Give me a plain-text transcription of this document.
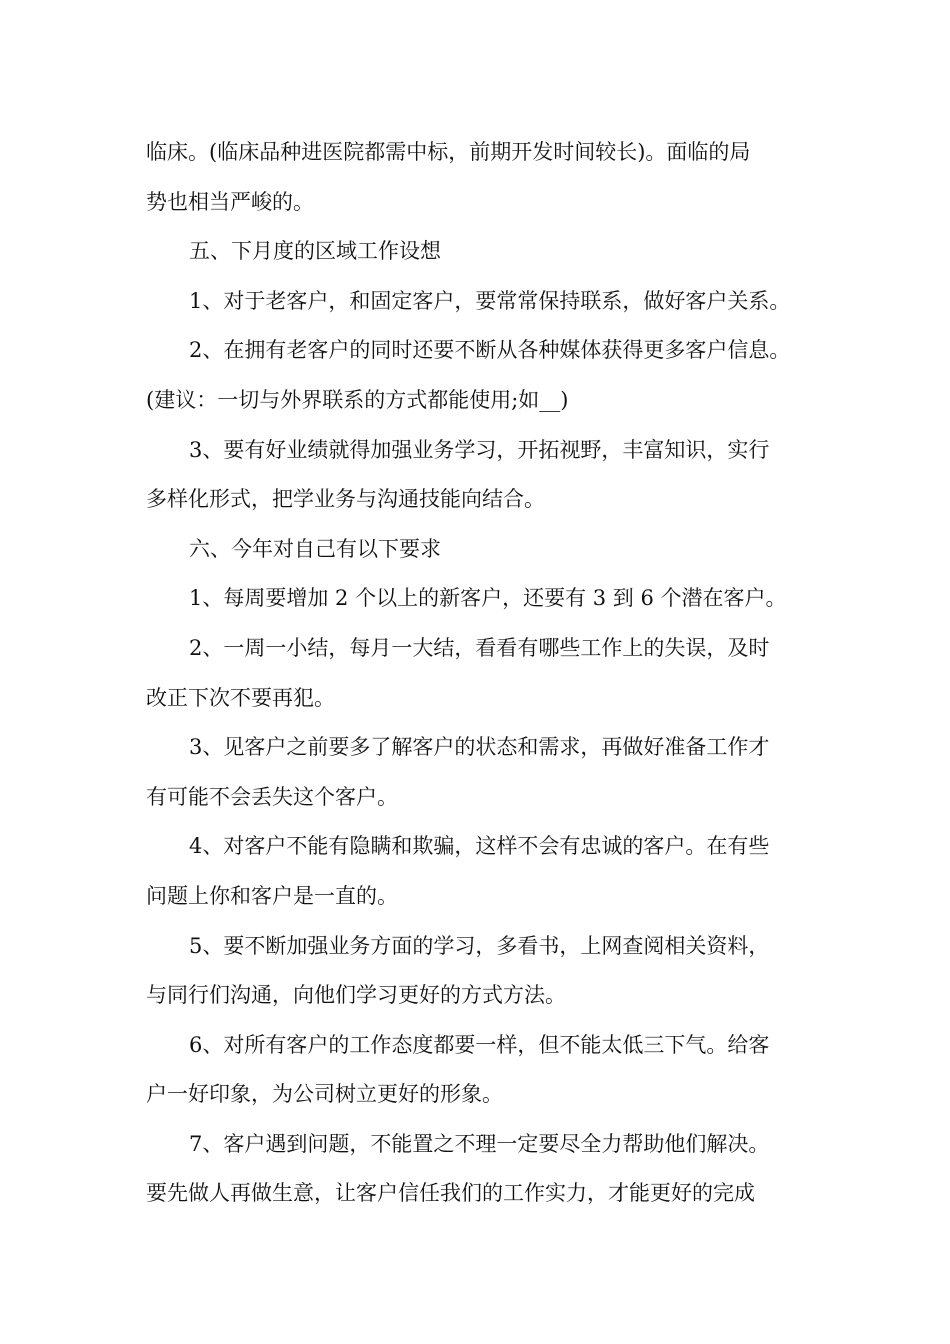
临床。(临床品种进医院都需中标，前期开发时间较长)。面临的局
势也相当严峻的。
五、下月度的区域工作设想
1、对于老客户，和固定客户，要常常保持联系，做好客户关系。
2、在拥有老客户的同时还要不断从各种媒体获得更多客户信息。
(建议：一切与外界联系的方式都能使用;如__)
3、要有好业绩就得加强业务学习，开拓视野，丰富知识，实行
多样化形式，把学业务与沟通技能向结合。
六、今年对自己有以下要求
1、每周要增加 2 个以上的新客户，还要有 3 到 6 个潜在客户。
2、一周一小结，每月一大结，看看有哪些工作上的失误，及时
改正下次不要再犯。
3、见客户之前要多了解客户的状态和需求，再做好准备工作才
有可能不会丢失这个客户。
4、对客户不能有隐瞒和欺骗，这样不会有忠诚的客户。在有些
问题上你和客户是一直的。
5、要不断加强业务方面的学习，多看书，上网查阅相关资料，
与同行们沟通，向他们学习更好的方式方法。
6、对所有客户的工作态度都要一样，但不能太低三下气。给客
户一好印象，为公司树立更好的形象。
7、客户遇到问题，不能置之不理一定要尽全力帮助他们解决。
要先做人再做生意，让客户信任我们的工作实力，才能更好的完成
